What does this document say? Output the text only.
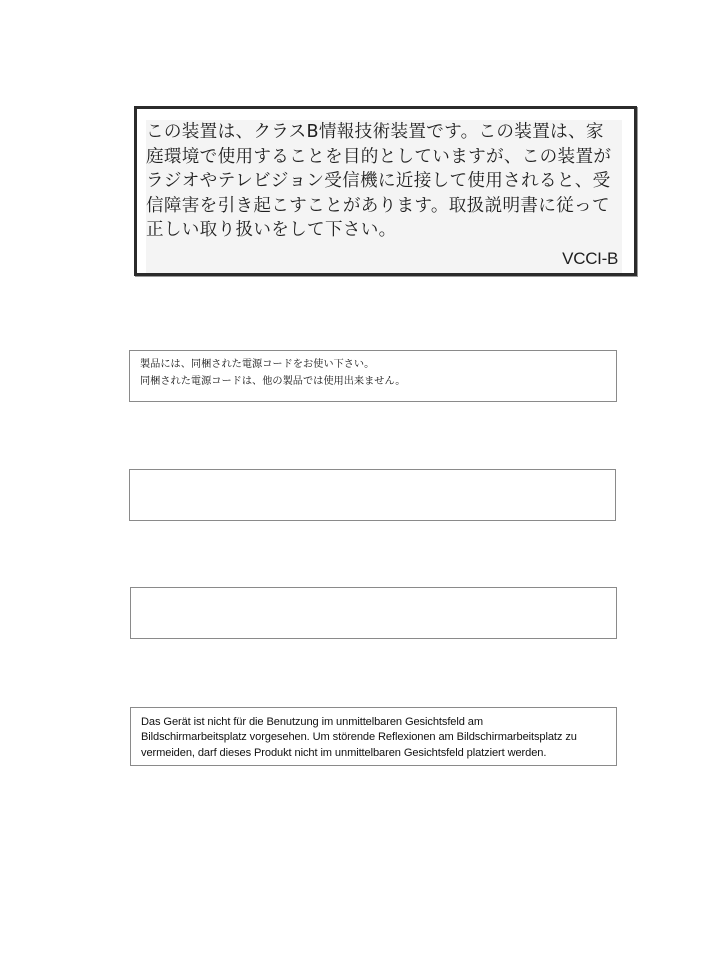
この装置は、クラスB情報技術装置です。この装置は、家
庭環境で使用することを目的としていますが、この装置が
ラジオやテレビジョン受信機に近接して使用されると、受
信障害を引き起こすことがあります。取扱説明書に従って
正しい取り扱いをして下さい。
VCCI-B
製品には、同梱された電源コードをお使い下さい。
同梱された電源コードは、他の製品では使用出来ません。
Das Gerät ist nicht für die Benutzung im unmittelbaren Gesichtsfeld am
Bildschirmarbeitsplatz vorgesehen. Um störende Reflexionen am Bildschirmarbeitsplatz zu
vermeiden, darf dieses Produkt nicht im unmittelbaren Gesichtsfeld platziert werden.
